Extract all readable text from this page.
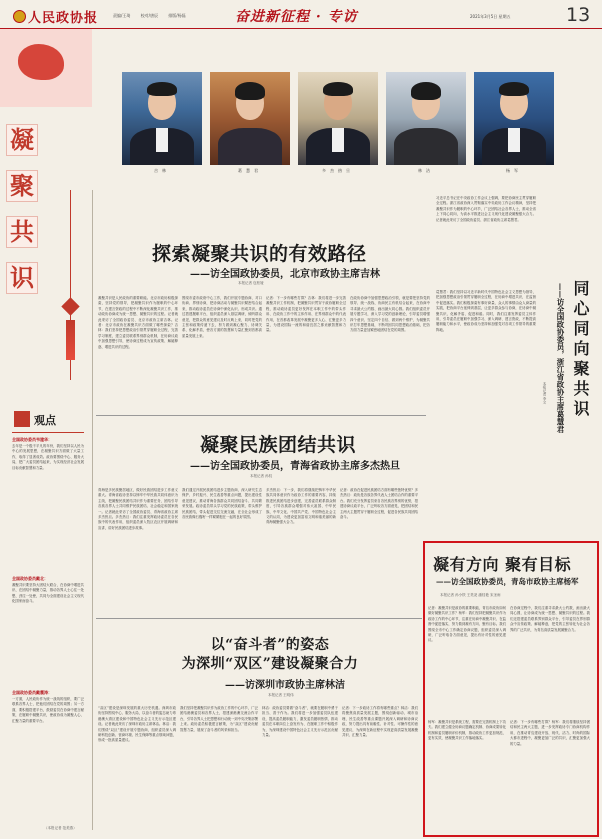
人民政协报	责编/王琦	校对/唐辰	排版/杨磊	奋进新征程 · 专访	2021年3月5日 星期五	13
凝
聚
共
识
吉林	葛慧君	多杰热旦	林洁	杨军
探索凝聚共识的有效路径
——访全国政协委员，北京市政协主席吉林
本报记者 包松娅
凝聚共识是人民政协的重要职能。北京市政协积极探索，坚持党的领导，把凝聚共识作为履职的中心环节，在建言资政的过程中不断深化凝聚共识工作，推动政协协商成为统一思想、凝聚共识的过程。记者就此采访了全国政协委员、北京市政协主席吉林。记者：北京市政协在凝聚共识方面做了哪些探索？吉林：我们坚持把思想政治引领贯穿履职全过程，完善学习制度，建立委员联系界别群众机制，在协商议政中加强思想引导，使协商过程成为宣传政策、解疑释惑、增进共识的过程。
围绕市委市政府中心工作，我们开展专题协商、对口协商、界别协商，把协商活动与凝聚共识紧密结合起来，推动政协委员在协商中深化认识、形成共识。通过搭建履职平台，组织委员深入基层调研，倾听群众意见，把群众的意见建议及时反映上来，同时把党的主张和政策传递下去，努力做到凝心聚力、协调关系、化解矛盾，使各方面的智慧和力量汇聚到首都高质量发展上来。
记者：下一步有哪些打算？吉林：我们将进一步完善凝聚共识工作机制，把凝聚共识贯穿于政协履职全过程，推动政协委员更好发挥在本职工作中的带头作用、在政协工作中的主体作用、在界别群众中的代表作用，在首都改革发展中凝聚更多人心、汇聚更多力量，为建设国际一流的和谐宜居之都贡献智慧和力量。
在政协协商中加强思想政治引领，就是要把坚持党的领导、统一战线、协商民主有机结合起来，在协商中寻求最大公约数、画出最大同心圆。我们组织委员开展专题学习，深入学习党的创新理论，引导委员增强四个意识、坚定四个自信、做到两个维护，为凝聚共识打牢思想基础，不断巩固共同思想政治基础，把各方面力量更加紧密地团结在党的周围。
凝聚民族团结共识
——访全国政协委员，青海省政协主席多杰热旦
本报记者 孙权
青海是多民族聚居地区，做好民族团结进步工作意义重大。青海省政协坚持以铸牢中华民族共同体意识为主线，把凝聚民族团结共识作为重要任务，团结引导各族各界人士共同维护民族团结、社会稳定和国家统一。记者就此采访了全国政协委员、青海省政协主席多杰热旦。多杰热旦：我们注重发挥政协委员在各民族中的代表作用，组织委员深入牧区农区开展调研和宣讲，讲好民族团结进步故事。
我们通过开展民族团结进步主题协商，深入研究生态保护、乡村振兴、民生改善等重点问题，提出建设性意见建议，推动青海各族群众共同团结奋斗、共同繁荣发展。政协委员带头学习党的民族政策，带头维护民族团结，带头促进交往交流交融，在全社会形成了各民族像石榴籽一样紧紧抱在一起的良好氛围。
多杰热旦：下一步，我们将继续把铸牢中华民族共同体意识作为政协工作的重要内容，持续推进民族团结进步创建，完善委员联系群众制度，引导各族群众增强对伟大祖国、中华民族、中华文化、中国共产党、中国特色社会主义的认同，为建设更加富裕文明和谐美丽的新青海凝聚强大合力。
记者：政协在促进民族团结方面有哪些独特优势？多杰热旦：政协是各族各界代表人士团结合作的重要平台。我们充分发挥委员来自各民族各界别的优势，搭建协商议政平台，广泛听取各方面意见，把团结和民主两大主题贯穿于履职全过程，促进各民族共同团结奋斗。
以“奋斗者”的姿态
为深圳“双区”建设凝聚合力
——访深圳市政协主席林洁
本报记者 王明伟
“双区”建设是深圳发展的重大历史机遇。深圳市政协坚持围绕中心、服务大局，以奋斗者的姿态助力粤港澳大湾区建设和中国特色社会主义先行示范区建设。记者就此采访了深圳市政协主席林洁。林洁：我们围绕“双区”建设开展专题协商，组织委员深入调研科技创新、营商环境、民生保障等重点领域问题，形成一批高质量建议。
我们坚持把凝聚共识作为政协工作的中心环节，广泛团结港澳委员和各界人士，搭建深港澳交流合作平台，引导各界人士把思想和行动统一到中央决策部署上来。政协委员积极建言献策，为“双区”建设贡献智慧力量，展现了奋斗者的风采和担当。
林洁：政协委员要做“奋斗者”，就要在履职中勇于担当、善于作为。我们将进一步加强委员队伍建设，提高委员履职能力，激发委员履职热情，推动委员在本职岗位上奋发有为、在履职工作中积极作为，为深圳建设中国特色社会主义先行示范区贡献力量。
记者：下一步政协工作将有哪些重点？林洁：我们将聚焦高质量发展主题，围绕创新驱动、城市治理、民生改善等重点课题开展深入调研和协商议政，努力提出具有前瞻性、针对性、可操作性的意见建议，为深圳在新征程中实现更高质量发展凝聚共识、汇聚力量。
习近平总书记在中央政协工作会议上强调，要把协商民主贯穿履职全过程。浙江省政协深入贯彻落实中央政协工作会议精神，坚持把凝聚共识作为履职的中心环节，广泛团结社会各界人士，推动全省上下同心同向，为高水平推进社会主义现代化建设凝聚强大合力。记者就此采访了全国政协委员、浙江省政协主席葛慧君。
葛慧君：我们坚持以习近平新时代中国特色社会主义思想为指导，把加强思想政治引领贯穿履职全过程，在协商中增进共识，在监督中促进落实。我们积极探索有事好商量、众人的事情由众人商量的实践，把协商平台延伸到基层，让更多群众参与协商，在协商中凝聚共识、化解矛盾、促进和谐。同时，我们注重发挥委员主体作用，引导委员在履职中加强学习、深入调研、建言资政，不断提高履职能力和水平，使政协成为坚持和加强党对各项工作领导的重要阵地。	同心同向聚共识
——访全国政协委员，浙江省政协主席葛慧君
本报记者 李文
凝有方向 聚有目标
——访全国政协委员，青岛市政协主席杨军
本报记者 孙小铁 王昊尧 潘桂艳 宋圣雨
记者：凝聚共识是政协的重要职能，青岛市政协如何做好凝聚共识工作？杨军：我们坚持把凝聚共识作为政协工作的中心环节，注重在协商中凝聚共识、在监督中促进落实，努力做到凝有方向、聚有目标。我们围绕全市中心工作确定协商议题，组织委员深入调研，广泛听取各方面意见，提出有针对性的意见建议。
在协商过程中，我们注重寻求最大公约数，画出最大同心圆，让协商成为统一思想、凝聚共识的过程。我们还搭建委员联系界别群众平台，引导委员在界别群众中宣传政策、解疑释惑，把党的主张转化为社会各界的广泛共识，为青岛高质量发展凝聚合力。
杨军：凝聚共识是系统工程，需要在完善机制上下功夫。我们建立健全协商议题确定机制、协商成果转化机制和委员履职评价机制，推动政协工作更加规范、更有实效，使凝聚共识工作落地落实。
记者：下一步有哪些打算？杨军：我们将继续坚持团结和民主两大主题，进一步发挥政协专门协商机构作用，在推动青岛建设开放、现代、活力、时尚的国际大都市进程中，凝聚更加广泛的共识，汇聚更加强大的力量。
观点
全国政协委员韦建华：
去年是一个极不平凡的年份，我们坚持以人民为中心的发展思想，在凝聚共识方面做了大量工作，取得了显著成效。政协要围绕中心、服务大局，把广大委员团结起来，为实现经济社会发展目标贡献智慧和力量。
全国政协委员戴北：
凝聚共识要坚持大团结大联合，在协商中增进共识、在团结中凝聚力量，推动各界人士心往一处想、劲往一处使，共同为全面建设社会主义现代化国家而奋斗。
全国政协委员戴震涛：
一方面，人民政协作为统一战线的组织，要广泛联系各界人士，把他们团结在党的周围；另一方面，要积极搭建平台，鼓励委员在协商中建言献策，在履职中凝聚共识，使政协成为凝聚人心、汇聚力量的重要平台。
（本报记者 范美燕）
